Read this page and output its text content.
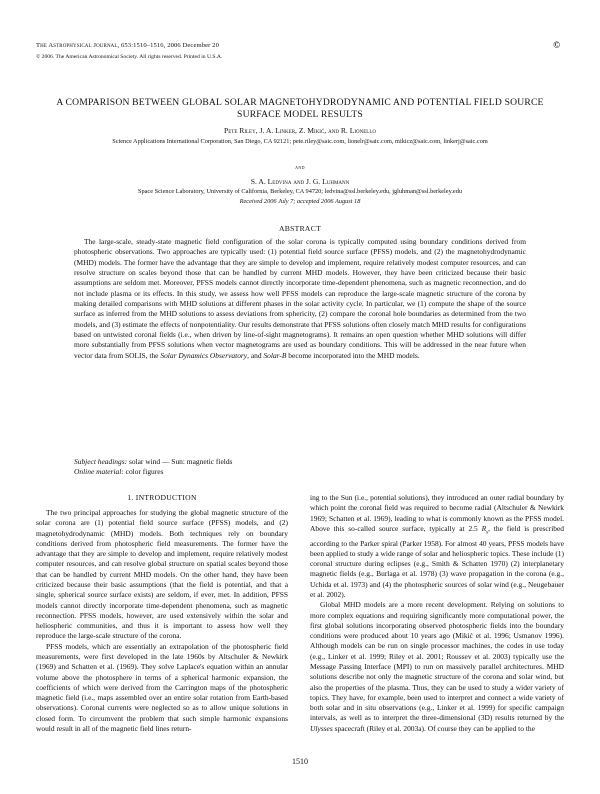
The Astrophysical Journal, 653:1510–1516, 2006 December 20
© 2006. The American Astronomical Society. All rights reserved. Printed in U.S.A.
©
A COMPARISON BETWEEN GLOBAL SOLAR MAGNETOHYDRODYNAMIC AND POTENTIAL FIELD SOURCE SURFACE MODEL RESULTS
Pete Riley, J. A. Linker, Z. Mikić, and R. Lionello
Science Applications International Corporation, San Diego, CA 92121; pete.riley@saic.com, lionelr@saic.com, mikicz@saic.com, linkerj@saic.com
and
S. A. Ledvina and J. G. Luhmann
Space Science Laboratory, University of California, Berkeley, CA 94720; ledvina@ssl.berkeley.edu, jgluhman@ssl.berkeley.edu
Received 2006 July 7; accepted 2006 August 18
ABSTRACT

The large-scale, steady-state magnetic field configuration of the solar corona is typically computed using boundary conditions derived from photospheric observations. Two approaches are typically used: (1) potential field source surface (PFSS) models, and (2) the magnetohydrodynamic (MHD) models. The former have the advantage that they are simple to develop and implement, require relatively modest computer resources, and can resolve structure on scales beyond those that can be handled by current MHD models. However, they have been criticized because their basic assumptions are seldom met. Moreover, PFSS models cannot directly incorporate time-dependent phenomena, such as magnetic reconnection, and do not include plasma or its effects. In this study, we assess how well PFSS models can reproduce the large-scale magnetic structure of the corona by making detailed comparisons with MHD solutions at different phases in the solar activity cycle. In particular, we (1) compute the shape of the source surface as inferred from the MHD solutions to assess deviations from sphericity, (2) compare the coronal hole boundaries as determined from the two models, and (3) estimate the effects of nonpotentiality. Our results demonstrate that PFSS solutions often closely match MHD results for configurations based on untwisted coronal fields (i.e., when driven by line-of-sight magnetograms). It remains an open question whether MHD solutions will differ more substantially from PFSS solutions when vector magnetograms are used as boundary conditions. This will be addressed in the near future when vector data from SOLIS, the Solar Dynamics Observatory, and Solar-B become incorporated into the MHD models.

Subject headings: solar wind — Sun: magnetic fields
Online material: color figures
1. INTRODUCTION

The two principal approaches for studying the global magnetic structure of the solar corona are (1) potential field source surface (PFSS) models, and (2) magnetohydrodynamic (MHD) models. Both techniques rely on boundary conditions derived from photospheric field measurements. The former have the advantage that they are simple to develop and implement, require relatively modest computer resources, and can resolve global structure on spatial scales beyond those that can be handled by current MHD models. On the other hand, they have been criticized because their basic assumptions (that the field is potential, and that a single, spherical source surface exists) are seldom, if ever, met. In addition, PFSS models cannot directly incorporate time-dependent phenomena, such as magnetic reconnection. PFSS models, however, are used extensively within the solar and heliospheric communities, and thus it is important to assess how well they reproduce the large-scale structure of the corona.

PFSS models, which are essentially an extrapolation of the photospheric field measurements, were first developed in the late 1960s by Altschuler & Newkirk (1969) and Schatten et al. (1969). They solve Laplace's equation within an annular volume above the photosphere in terms of a spherical harmonic expansion, the coefficients of which were derived from the Carrington maps of the photospheric magnetic field (i.e., maps assembled over an entire solar rotation from Earth-based observations). Coronal currents were neglected so as to allow unique solutions in closed form. To circumvent the problem that such simple harmonic expansions would result in all of the magnetic field lines return-

ing to the Sun (i.e., potential solutions), they introduced an outer radial boundary by which point the coronal field was required to become radial (Altschuler & Newkirk 1969; Schatten et al. 1969), leading to what is commonly known as the PFSS model. Above this so-called source surface, typically at 2.5 $R_s$, the field is prescribed according to the Parker spiral (Parker 1958). For almost 40 years, PFSS models have been applied to study a wide range of solar and heliospheric topics. These include (1) coronal structure during eclipses (e.g., Smith & Schatten 1970) (2) interplanetary magnetic fields (e.g., Burlaga et al. 1978) (3) wave propagation in the corona (e.g., Uchida et al. 1973) and (4) the photospheric sources of solar wind (e.g., Neugebauer et al. 2002).

Global MHD models are a more recent development. Relying on solutions to more complex equations and requiring significantly more computational power, the first global solutions incorporating observed photospheric fields into the boundary conditions were produced about 10 years ago (Mikić et al. 1996; Usmanov 1996). Although models can be run on single processor machines, the codes in use today (e.g., Linker et al. 1999; Riley et al. 2001; Roussev et al. 2003) typically use the Message Passing Interface (MPI) to run on massively parallel architectures. MHD solutions describe not only the magnetic structure of the corona and solar wind, but also the properties of the plasma. Thus, they can be used to study a wider variety of topics. They have, for example, been used to interpret and connect a wide variety of both solar and in situ observations (e.g., Linker et al. 1999) for specific campaign intervals, as well as to interpret the three-dimensional (3D) results returned by the Ulysses spacecraft (Riley et al. 2003a). Of course they can be applied to the

1510
